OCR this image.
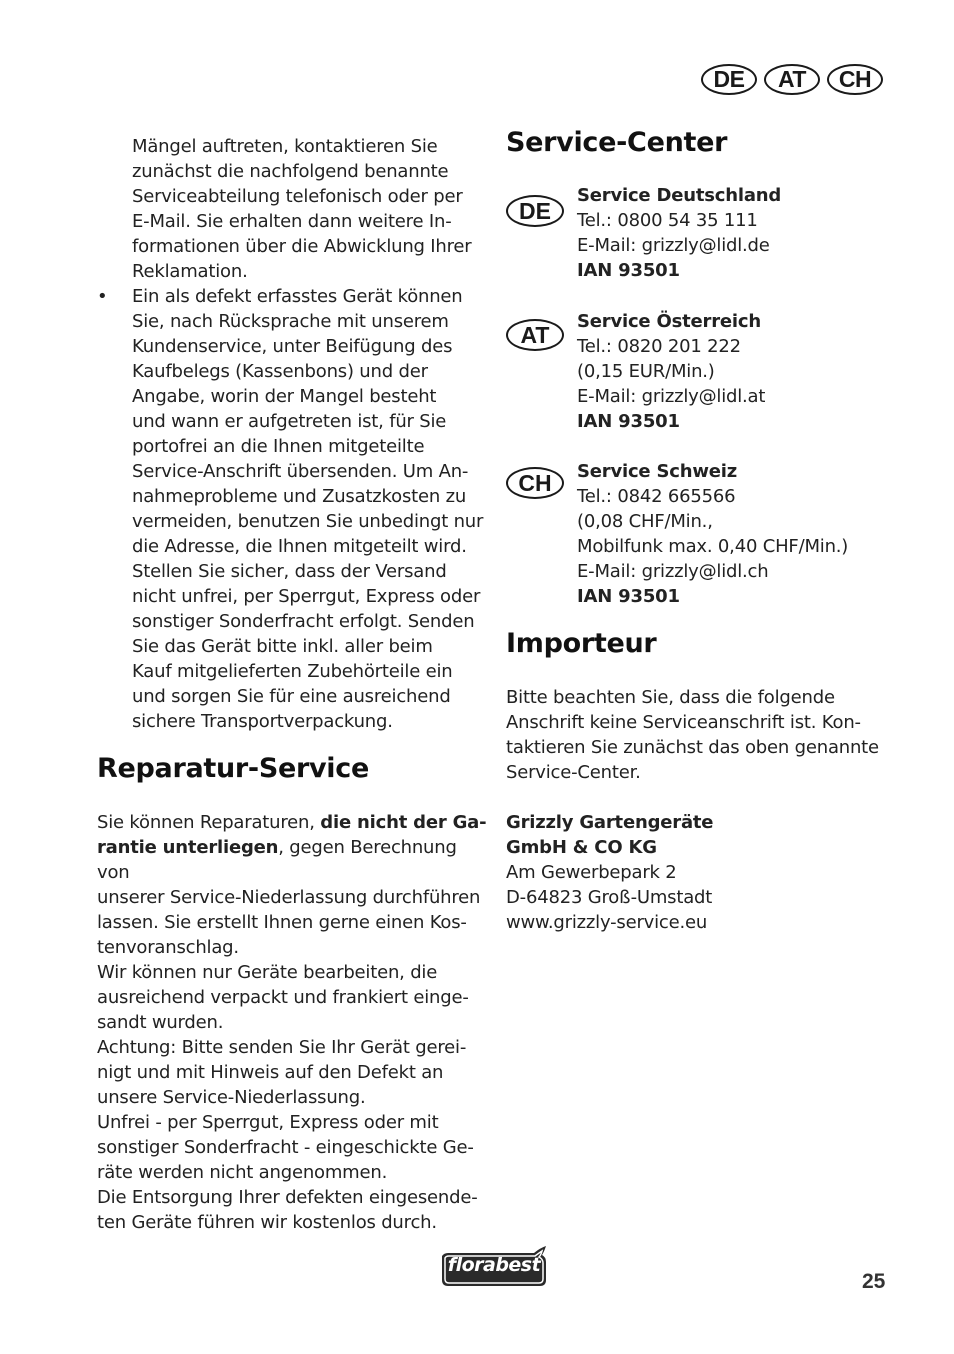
DE	AT	CH

Mängel auftreten, kontaktieren Sie

zunächst die nachfolgend benannte

Serviceabteilung telefonisch oder per

E-Mail. Sie erhalten dann weitere In-

formationen über die Abwicklung Ihrer

Reklamation.

• Ein als defekt erfasstes Gerät können

Sie, nach Rücksprache mit unserem

Kundenservice, unter Beifügung des

Kaufbelegs (Kassenbons) und der

Angabe, worin der Mangel besteht

und wann er aufgetreten ist, für Sie

portofrei an die Ihnen mitgeteilte

Service-Anschrift übersenden. Um An-

nahmeprobleme und Zusatzkosten zu

vermeiden, benutzen Sie unbedingt nur

die Adresse, die Ihnen mitgeteilt wird.

Stellen Sie sicher, dass der Versand

nicht unfrei, per Sperrgut, Express oder

sonstiger Sonderfracht erfolgt. Senden

Sie das Gerät bitte inkl. aller beim

Kauf mitgelieferten Zubehörteile ein

und sorgen Sie für eine ausreichend

sichere Transportverpackung.

Reparatur-Service

Sie können Reparaturen, die nicht der Ga-

rantie unterliegen, gegen Berechnung von

unserer Service-Niederlassung durchführen

lassen. Sie erstellt Ihnen gerne einen Kos-

tenvoranschlag.

Wir können nur Geräte bearbeiten, die

ausreichend verpackt und frankiert einge-

sandt wurden.

Achtung: Bitte senden Sie Ihr Gerät gerei-

nigt und mit Hinweis auf den Defekt an

unsere Service-Niederlassung.

Unfrei - per Sperrgut, Express oder mit

sonstiger Sonderfracht - eingeschickte Ge-

räte werden nicht angenommen.

Die Entsorgung Ihrer defekten eingesende-

ten Geräte führen wir kostenlos durch.

Service-Center
DE

Service Deutschland

Tel.: 0800 54 35 111

E-Mail: grizzly@lidl.de

IAN 93501

AT	Service Österreich

Tel.: 0820 201 222

(0,15 EUR/Min.)

E-Mail: grizzly@lidl.at

IAN 93501

CH	Service Schweiz

Tel.: 0842 665566

(0,08 CHF/Min.,

Mobilfunk max. 0,40 CHF/Min.)

E-Mail: grizzly@lidl.ch

IAN 93501

Importeur

Bitte beachten Sie, dass die folgende

Anschrift keine Serviceanschrift ist. Kon-

taktieren Sie zunächst das oben genannte

Service-Center.

Grizzly Gartengeräte

GmbH & CO KG

Am Gewerbepark 2

D-64823 Groß-Umstadt

www.grizzly-service.eu

florabest
25
